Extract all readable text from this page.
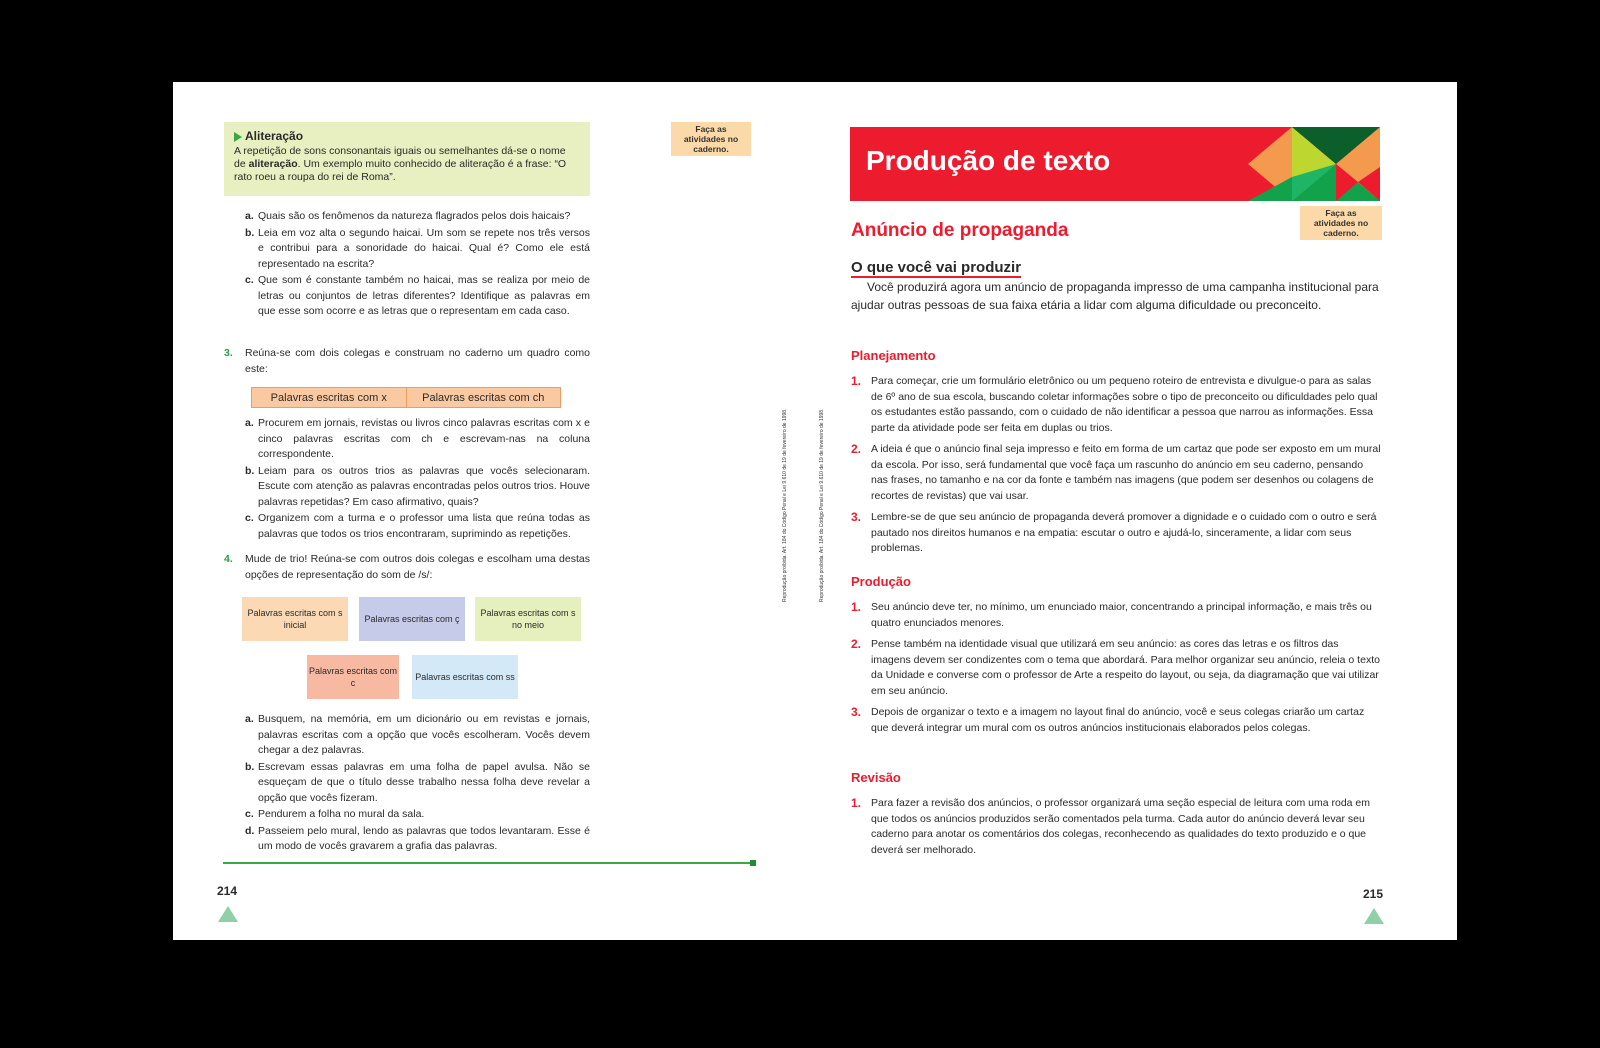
Aliteração
A repetição de sons consonantais iguais ou semelhantes dá-se o nome de aliteração. Um exemplo muito conhecido de aliteração é a frase: “O rato roeu a roupa do rei de Roma”.
Faça as atividades no caderno.
a. Quais são os fenômenos da natureza flagrados pelos dois haicais?
b. Leia em voz alta o segundo haicai. Um som se repete nos três versos e contribui para a sonoridade do haicai. Qual é? Como ele está representado na escrita?
c. Que som é constante também no haicai, mas se realiza por meio de letras ou conjuntos de letras diferentes? Identifique as palavras em que esse som ocorre e as letras que o representam em cada caso.
3. Reúna-se com dois colegas e construam no caderno um quadro como este:
Palavras escritas com x	Palavras escritas com ch
a. Procurem em jornais, revistas ou livros cinco palavras escritas com x e cinco palavras escritas com ch e escrevam-nas na coluna correspondente.
b. Leiam para os outros trios as palavras que vocês selecionaram. Escute com atenção as palavras encontradas pelos outros trios. Houve palavras repetidas? Em caso afirmativo, quais?
c. Organizem com a turma e o professor uma lista que reúna todas as palavras que todos os trios encontraram, suprimindo as repetições.
4. Mude de trio! Reúna-se com outros dois colegas e escolham uma destas opções de representação do som de /s/:
Palavras escritas com s inicial
Palavras escritas com ç
Palavras escritas com s no meio
Palavras escritas com c
Palavras escritas com ss
a. Busquem, na memória, em um dicionário ou em revistas e jornais, palavras escritas com a opção que vocês escolheram. Vocês devem chegar a dez palavras.
b. Escrevam essas palavras em uma folha de papel avulsa. Não se esqueçam de que o título desse trabalho nessa folha deve revelar a opção que vocês fizeram.
c. Pendurem a folha no mural da sala.
d. Passeiem pelo mural, lendo as palavras que todos levantaram. Esse é um modo de vocês gravarem a grafia das palavras.
214
Reprodução proibida. Art. 184 do Código Penal e Lei 9.610 de 19 de fevereiro de 1998.	Reprodução proibida. Art. 184 do Código Penal e Lei 9.610 de 19 de fevereiro de 1998.
Produção de texto
Faça as atividades no caderno.
Anúncio de propaganda
O que você vai produzir
Você produzirá agora um anúncio de propaganda impresso de uma campanha institucional para ajudar outras pessoas de sua faixa etária a lidar com alguma dificuldade ou preconceito.
Planejamento
1. Para começar, crie um formulário eletrônico ou um pequeno roteiro de entrevista e divulgue-o para as salas de 6º ano de sua escola, buscando coletar informações sobre o tipo de preconceito ou dificuldades pelo qual os estudantes estão passando, com o cuidado de não identificar a pessoa que narrou as informações. Essa parte da atividade pode ser feita em duplas ou trios.
2. A ideia é que o anúncio final seja impresso e feito em forma de um cartaz que pode ser exposto em um mural da escola. Por isso, será fundamental que você faça um rascunho do anúncio em seu caderno, pensando nas frases, no tamanho e na cor da fonte e também nas imagens (que podem ser desenhos ou colagens de recortes de revistas) que vai usar.
3. Lembre-se de que seu anúncio de propaganda deverá promover a dignidade e o cuidado com o outro e será pautado nos direitos humanos e na empatia: escutar o outro e ajudá-lo, sinceramente, a lidar com seus problemas.
Produção
1. Seu anúncio deve ter, no mínimo, um enunciado maior, concentrando a principal informação, e mais três ou quatro enunciados menores.
2. Pense também na identidade visual que utilizará em seu anúncio: as cores das letras e os filtros das imagens devem ser condizentes com o tema que abordará. Para melhor organizar seu anúncio, releia o texto da Unidade e converse com o professor de Arte a respeito do layout, ou seja, da diagramação que vai utilizar em seu anúncio.
3. Depois de organizar o texto e a imagem no layout final do anúncio, você e seus colegas criarão um cartaz que deverá integrar um mural com os outros anúncios institucionais elaborados pelos colegas.
Revisão
1. Para fazer a revisão dos anúncios, o professor organizará uma seção especial de leitura com uma roda em que todos os anúncios produzidos serão comentados pela turma. Cada autor do anúncio deverá levar seu caderno para anotar os comentários dos colegas, reconhecendo as qualidades do texto produzido e o que deverá ser melhorado.
215
